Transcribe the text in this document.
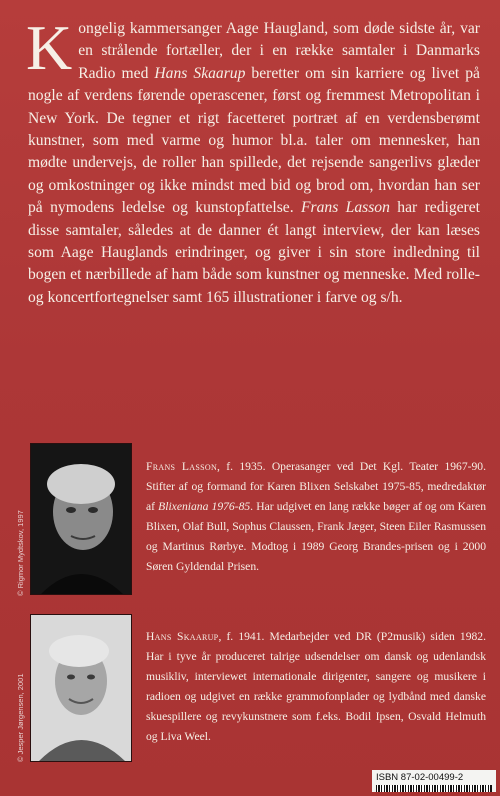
Kongelig kammersanger Aage Haugland, som døde sidste år, var en strålende fortæller, der i en række samtaler i Danmarks Radio med Hans Skaarup beretter om sin karriere og livet på nogle af verdens førende operascener, først og fremmest Metropolitan i New York. De tegner et rigt facetteret portræt af en verdensberømt kunstner, som med varme og humor bl.a. taler om mennesker, han mødte undervejs, de roller han spillede, det rejsende sangerlivs glæder og omkostninger og ikke mindst med bid og brod om, hvordan han ser på nymodens ledelse og kunstopfattelse. Frans Lasson har redigeret disse samtaler, således at de danner ét langt interview, der kan læses som Aage Hauglands erindringer, og giver i sin store indledning til bogen et nærbillede af ham både som kunstner og menneske. Med rolle- og koncertfortegnelser samt 165 illustrationer i farve og s/h.

© Rigmor Mydtskov, 1997
Frans Lasson, f. 1935. Operasanger ved Det Kgl. Teater 1967-90. Stifter af og formand for Karen Blixen Selskabet 1975-85, medredaktør af Blixeniana 1976-85. Har udgivet en lang række bøger af og om Karen Blixen, Olaf Bull, Sophus Claussen, Frank Jæger, Steen Eiler Rasmussen og Martinus Rørbye. Modtog i 1989 Georg Brandes-prisen og i 2000 Søren Gyldendal Prisen.
© Jesper Jørgensen, 2001
Hans Skaarup, f. 1941. Medarbejder ved DR (P2musik) siden 1982. Har i tyve år produceret talrige udsendelser om dansk og udenlandsk musikliv, interviewet internationale dirigenter, sangere og musikere i radioen og udgivet en række grammofonplader og lydbånd med danske skuespillere og revykunstnere som f.eks. Bodil Ipsen, Osvald Helmuth og Liva Weel.
ISBN 87-02-00499-2
